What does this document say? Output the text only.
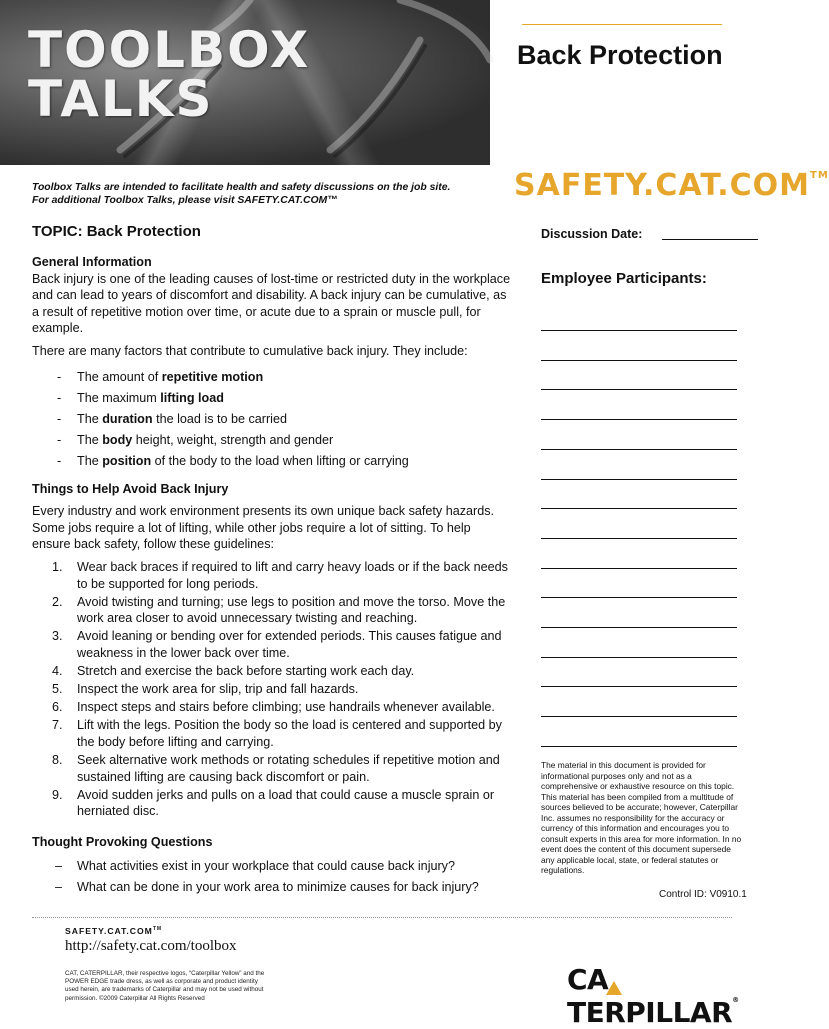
TOOLBOX
TALKS
Back Protection
SAFETY.CAT.COM™
Toolbox Talks are intended to facilitate health and safety discussions on the job site.
For additional Toolbox Talks, please visit SAFETY.CAT.COM™
TOPIC: Back Protection	Discussion Date:
Employee Participants:

General Information

Back injury is one of the leading causes of lost-time or restricted duty in the workplace and can lead to years of discomfort and disability. A back injury can be cumulative, as a result of repetitive motion over time, or acute due to a sprain or muscle pull, for example.

There are many factors that contribute to cumulative back injury. They include:

- The amount of repetitive motion
- The maximum lifting load
- The duration the load is to be carried
- The body height, weight, strength and gender
- The position of the body to the load when lifting or carrying

Things to Help Avoid Back Injury

Every industry and work environment presents its own unique back safety hazards. Some jobs require a lot of lifting, while other jobs require a lot of sitting. To help ensure back safety, follow these guidelines:

1. Wear back braces if required to lift and carry heavy loads or if the back needs to be supported for long periods.
2. Avoid twisting and turning; use legs to position and move the torso. Move the work area closer to avoid unnecessary twisting and reaching.
3. Avoid leaning or bending over for extended periods. This causes fatigue and weakness in the lower back over time.
4. Stretch and exercise the back before starting work each day.
5. Inspect the work area for slip, trip and fall hazards.
6. Inspect steps and stairs before climbing; use handrails whenever available.
7. Lift with the legs. Position the body so the load is centered and supported by the body before lifting and carrying.
8. Seek alternative work methods or rotating schedules if repetitive motion and sustained lifting are causing back discomfort or pain.
9. Avoid sudden jerks and pulls on a load that could cause a muscle sprain or herniated disc.

Thought Provoking Questions

– What activities exist in your workplace that could cause back injury?
– What can be done in your work area to minimize causes for back injury?
The material in this document is provided for informational purposes only and not as a comprehensive or exhaustive resource on this topic. This material has been compiled from a multitude of sources believed to be accurate; however, Caterpillar Inc. assumes no responsibility for the accuracy or currency of this information and encourages you to consult experts in this area for more information. In no event does the content of this document supersede any applicable local, state, or federal statutes or regulations.
Control ID: V0910.1
SAFETY.CAT.COM™
http://safety.cat.com/toolbox
CAT, CATERPILLAR, their respective logos, “Caterpillar Yellow” and the POWER EDGE trade dress, as well as corporate and product identity used herein, are trademarks of Caterpillar and may not be used without permission. ©2009 Caterpillar All Rights Reserved
CATERPILLAR®
